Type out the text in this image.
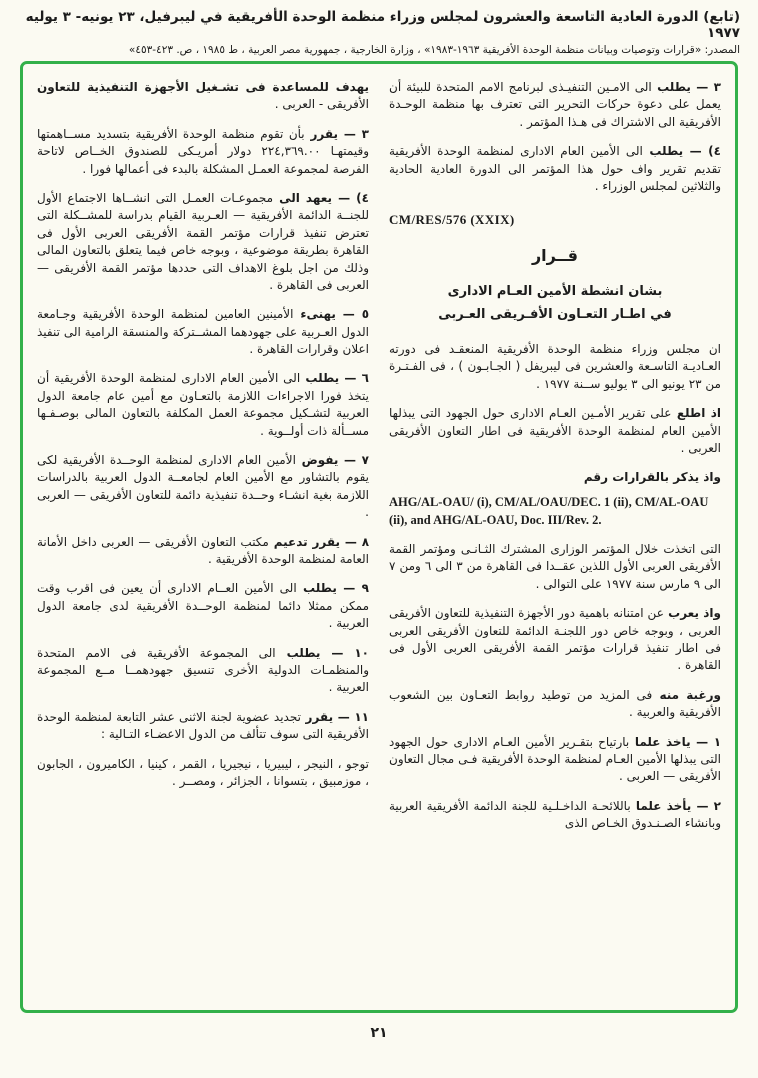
(تابع) الدورة العادية التاسعة والعشرون لمجلس وزراء منظمة الوحدة الأفريقية في ليبرفيل، ٢٣ يونيه- ٣ يوليه ١٩٧٧
المصدر: «قرارات وتوصيات وبيانات منظمة الوحدة الأفريقية ١٩٦٣-١٩٨٣» ، وزارة الخارجية ، جمهورية مصر العربية ، ط ١٩٨٥ ، ص. ٤٢٣-٤٥٣»
٣ — يطلب الى الامـين التنفيـذى لبرنامج الامم المتحدة للبيئة أن يعمل على دعوة حركات التحرير التى تعترف بها منظمة الوحـدة الأفريقية الى الاشتراك فى هـذا المؤتمر .
٤) — يطلب الى الأمين العام الادارى لمنظمة الوحدة الأفريقية تقديم تقرير واف حول هذا المؤتمر الى الدورة العادية الحادية والثلاثين لمجلس الوزراء .
CM/RES/576 (XXIX)
قــرار
بشان انشطة الأمين العـام الادارى
في اطـار التعـاون الأفـريقى العـربى
ان مجلس وزراء منظمة الوحدة الأفريقية المنعقـد فى دورته العـاديـة التاسـعة والعشرين فى ليبريفل ( الجـابـون ) ، فى الفـتـرة من ٢٣ يونيو الى ٣ يوليو ســنة ١٩٧٧ .
اذ اطلع على تقرير الأمـين العـام الادارى حول الجهود التى يبذلها الأمين العام لمنظمة الوحدة الأفريقية فى اطار التعاون الأفريقى العربى .
واذ يذكر بالقرارات رقم
AHG/AL-OAU/ (i), CM/AL/OAU/DEC. 1 (ii), CM/AL-OAU (ii), and AHG/AL-OAU, Doc. III/Rev. 2.
التى اتخذت خلال المؤتمر الوزارى المشترك الثـانـى ومؤتمر القمة الأفريقى العربى الأول اللذين عقــدا فى القاهرة من ٣ الى ٦ ومن ٧ الى ٩ مارس سنة ١٩٧٧ على التوالى .
واذ يعرب عن امتنانه باهمية دور الأجهزة التنفيذية للتعاون الأفريقى العربى ، وبوجه خاص دور اللجنـة الدائمة للتعاون الأفريقى العربى فى اطار تنفيذ قرارات مؤتمر القمة الأفريقى العربى الأول فى القاهرة .
ورغبة منه فى المزيد من توطيد روابط التعـاون بين الشعوب الأفريقية والعربية .
١ — ياخذ علما بارتياح بتقـرير الأمين العـام الادارى حول الجهود التى يبذلها الأمين العـام لمنظمة الوحدة الأفريقية فـى مجال التعاون الأفريقى — العربى .
٢ — يأخذ علما باللائحـة الداخـلـية للجنة الدائمة الأفريقية العربية وبانشاء الصـنـدوق الخـاص الذى
يهدف للمساعدة فى تشـغيل الأجهزة التنفيذية للتعاون الأفريقى - العربى .
٣ — يقرر بأن تقوم منظمة الوحدة الأفريقية بتسديد مســاهمتها وقيمتهـا ٢٢٤,٣٦٩.٠٠ دولار أمريـكى للصندوق الخــاص لاتاحة الفرصة لمجموعة العمـل المشكلة بالبدء فى أعمالها فورا .
٤) — يعهد الى مجموعـات العمـل التى انشــاها الاجتماع الأول للجنــة الدائمة الأفريقية — العـربية القيام بدراسة للمشــكلة التى تعترض تنفيذ قرارات مؤتمر القمة الأفريقى العربى الأول فى القاهرة بطريقة موضوعية ، وبوجه خاص فيما يتعلق بالتعاون المالى وذلك من اجل بلوغ الاهداف التى حددها مؤتمر القمة الأفريقى — العربى فى القاهرة .
٥ — يهنىء الأمينين العامين لمنظمة الوحدة الأفريقية وجـامعة الدول العـربية على جهودهما المشــتركة والمنسقة الرامية الى تنفيذ اعلان وقرارات القاهرة .
٦ — يطلب الى الأمين العام الادارى لمنظمة الوحدة الأفريقية أن يتخذ فورا الاجراءات اللازمة بالتعـاون مع أمين عام جامعة الدول العربية لتشـكيل مجموعة العمل المكلفة بالتعاون المالى بوصـفـها مســألة ذات أولــوية .
٧ — يفوض الأمين العام الادارى لمنظمة الوحــدة الأفريقية لكى يقوم بالتشاور مع الأمين العام لجامعــة الدول العربية بالدراسات اللازمة بغية انشـاء وحــدة تنفيذية دائمة للتعاون الأفريقى — العربى .
٨ — يقرر تدعيم مكتب التعاون الأفريقى — العربى داخل الأمانة العامة لمنظمة الوحدة الأفريقية .
٩ — يطلب الى الأمين العــام الادارى أن يعين فى اقرب وقت ممكن ممثلا دائما لمنظمة الوحــدة الأفريقية لدى جامعة الدول العربية .
١٠ — يطلب الى المجموعة الأفريقية فى الامم المتحدة والمنظمـات الدولية الأخرى تنسيق جهودهمــا مــع المجموعة العربية .
١١ — يقرر تجديد عضوية لجنة الاثنى عشر التابعة لمنظمة الوحدة الأفريقية التى سوف تتألف من الدول الاعضـاء التـالية :
توجو ، النيجر ، ليبيريا ، نيجيريا ، القمر ، كينيا ، الكاميرون ، الجابون ، موزمبيق ، بتسوانا ، الجزائر ، ومصــر .
٢١
